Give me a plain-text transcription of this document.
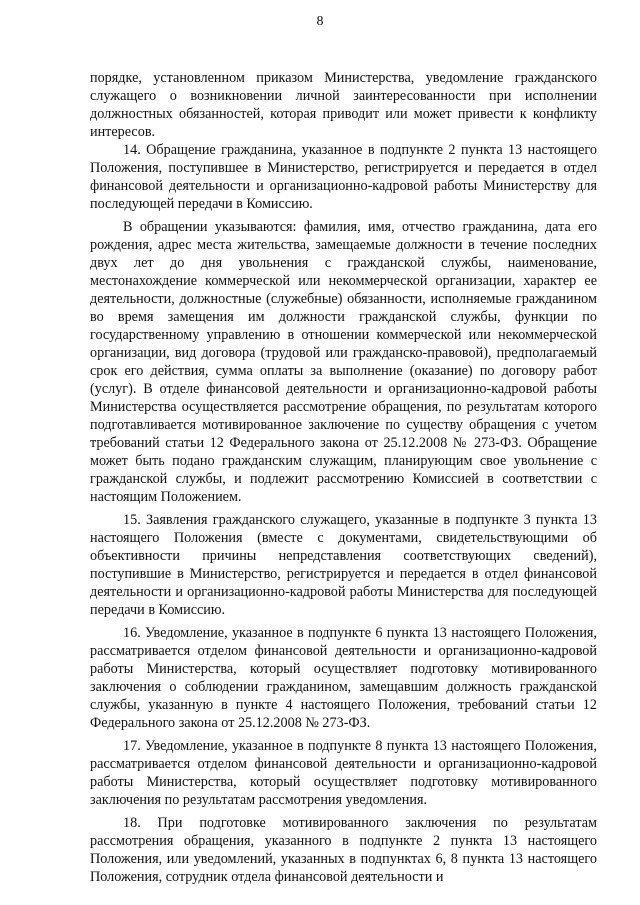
8

порядке, установленном приказом Министерства, уведомление гражданского служащего о возникновении личной заинтересованности при исполнении должностных обязанностей, которая приводит или может привести к конфликту интересов.

14. Обращение гражданина, указанное в подпункте 2 пункта 13 настоящего Положения, поступившее в Министерство, регистрируется и передается в отдел финансовой деятельности и организационно-кадровой работы Министерству для последующей передачи в Комиссию.

В обращении указываются: фамилия, имя, отчество гражданина, дата его рождения, адрес места жительства, замещаемые должности в течение последних двух лет до дня увольнения с гражданской службы, наименование, местонахождение коммерческой или некоммерческой организации, характер ее деятельности, должностные (служебные) обязанности, исполняемые гражданином во время замещения им должности гражданской службы, функции по государственному управлению в отношении коммерческой или некоммерческой организации, вид договора (трудовой или гражданско-правовой), предполагаемый срок его действия, сумма оплаты за выполнение (оказание) по договору работ (услуг). В отделе финансовой деятельности и организационно-кадровой работы Министерства осуществляется рассмотрение обращения, по результатам которого подготавливается мотивированное заключение по существу обращения с учетом требований статьи 12 Федерального закона от 25.12.2008 № 273-ФЗ. Обращение может быть подано гражданским служащим, планирующим свое увольнение с гражданской службы, и подлежит рассмотрению Комиссией в соответствии с настоящим Положением.

15. Заявления гражданского служащего, указанные в подпункте 3 пункта 13 настоящего Положения (вместе с документами, свидетельствующими об объективности причины непредставления соответствующих сведений), поступившие в Министерство, регистрируется и передается в отдел финансовой деятельности и организационно-кадровой работы Министерства для последующей передачи в Комиссию.

16. Уведомление, указанное в подпункте 6 пункта 13 настоящего Положения, рассматривается отделом финансовой деятельности и организационно-кадровой работы Министерства, который осуществляет подготовку мотивированного заключения о соблюдении гражданином, замещавшим должность гражданской службы, указанную в пункте 4 настоящего Положения, требований статьи 12 Федерального закона от 25.12.2008 № 273-ФЗ.

17. Уведомление, указанное в подпункте 8 пункта 13 настоящего Положения, рассматривается отделом финансовой деятельности и организационно-кадровой работы Министерства, который осуществляет подготовку мотивированного заключения по результатам рассмотрения уведомления.

18. При подготовке мотивированного заключения по результатам рассмотрения обращения, указанного в подпункте 2 пункта 13 настоящего Положения, или уведомлений, указанных в подпунктах 6, 8 пункта 13 настоящего Положения, сотрудник отдела финансовой деятельности и
